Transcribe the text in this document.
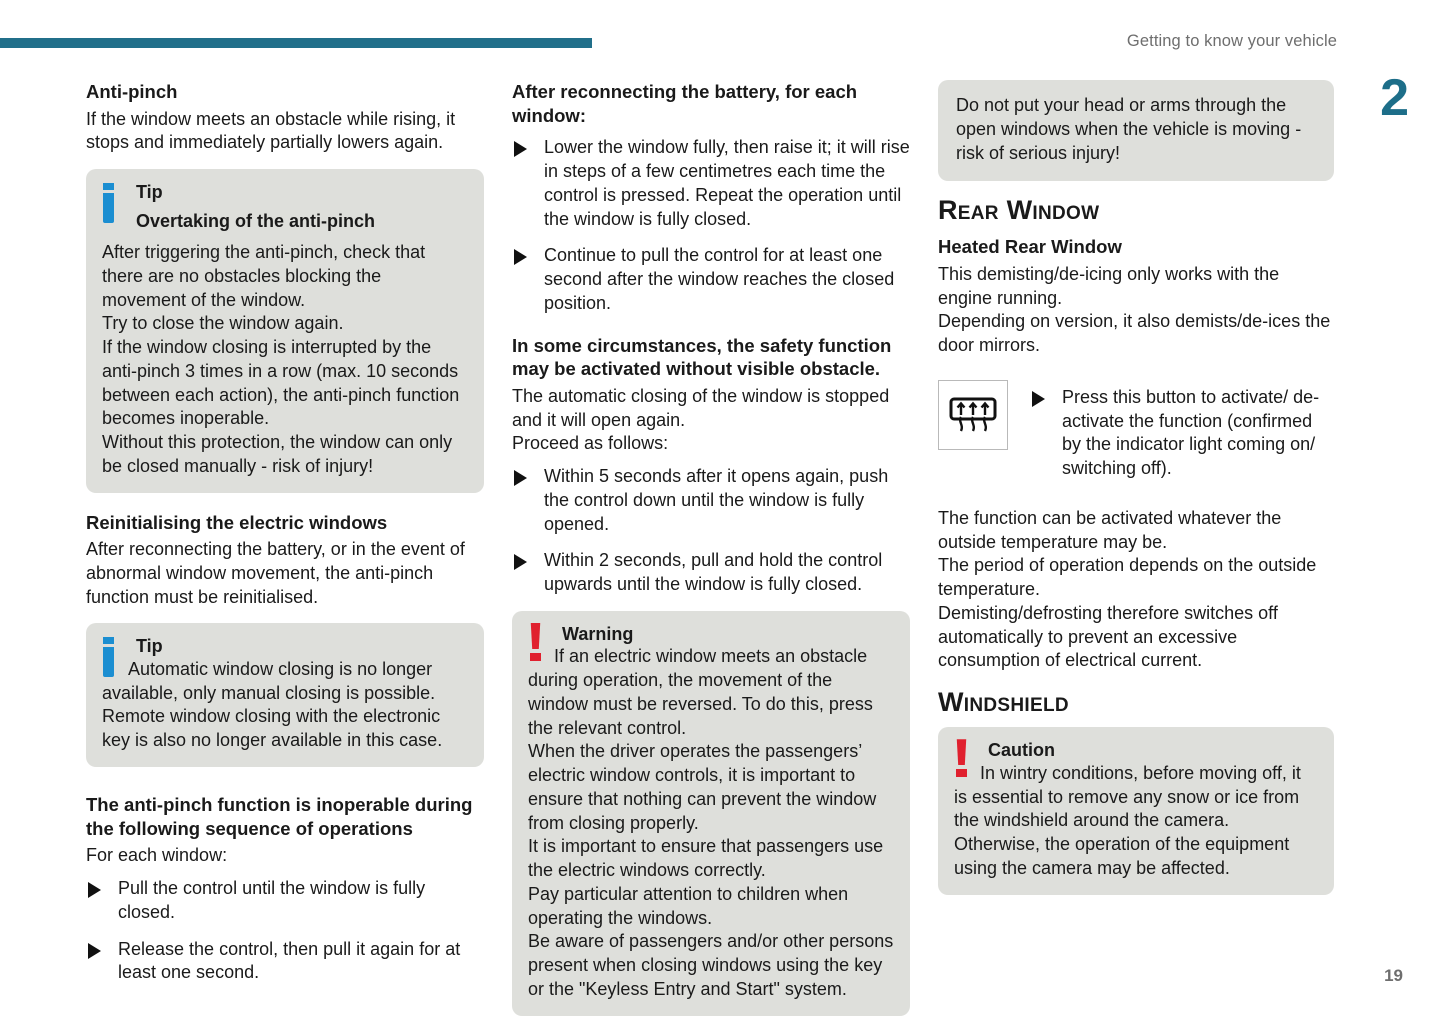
Getting to know your vehicle
2
19
Anti-pinch

If the window meets an obstacle while rising, it stops and immediately partially lowers again.

Tip
Overtaking of the anti-pinch

After triggering the anti-pinch, check that there are no obstacles blocking the movement of the window.
Try to close the window again.
If the window closing is interrupted by the anti-pinch 3 times in a row (max. 10 seconds between each action), the anti-pinch function becomes inoperable.
Without this protection, the window can only be closed manually - risk of injury!

Reinitialising the electric windows

After reconnecting the battery, or in the event of abnormal window movement, the anti-pinch function must be reinitialised.

Tip

Automatic window closing is no longer available, only manual closing is possible.
Remote window closing with the electronic key is also no longer available in this case.

The anti-pinch function is inoperable during the following sequence of operations

For each window:

Pull the control until the window is fully closed.
Release the control, then pull it again for at least one second.
After reconnecting the battery, for each window:
Lower the window fully, then raise it; it will rise in steps of a few centimetres each time the control is pressed. Repeat the operation until the window is fully closed.
Continue to pull the control for at least one second after the window reaches the closed position.
In some circumstances, the safety function may be activated without visible obstacle.

The automatic closing of the window is stopped and it will open again.
Proceed as follows:

Within 5 seconds after it opens again, push the control down until the window is fully opened.
Within 2 seconds, pull and hold the control upwards until the window is fully closed.
Warning

If an electric window meets an obstacle during operation, the movement of the window must be reversed. To do this, press the relevant control.
When the driver operates the passengers’ electric window controls, it is important to ensure that nothing can prevent the window from closing properly.
It is important to ensure that passengers use the electric windows correctly.
Pay particular attention to children when operating the windows.
Be aware of passengers and/or other persons present when closing windows using the key or the "Keyless Entry and Start" system.

Do not put your head or arms through the open windows when the vehicle is moving - risk of serious injury!

Rear Window
Heated Rear Window

This demisting/de-icing only works with the engine running.
Depending on version, it also demists/de-ices the door mirrors.

Press this button to activate/ de-activate the function (confirmed by the indicator light coming on/ switching off).

The function can be activated whatever the outside temperature may be.
The period of operation depends on the outside temperature.
Demisting/defrosting therefore switches off automatically to prevent an excessive consumption of electrical current.

Windshield
Caution

In wintry conditions, before moving off, it is essential to remove any snow or ice from the windshield around the camera.
Otherwise, the operation of the equipment using the camera may be affected.
